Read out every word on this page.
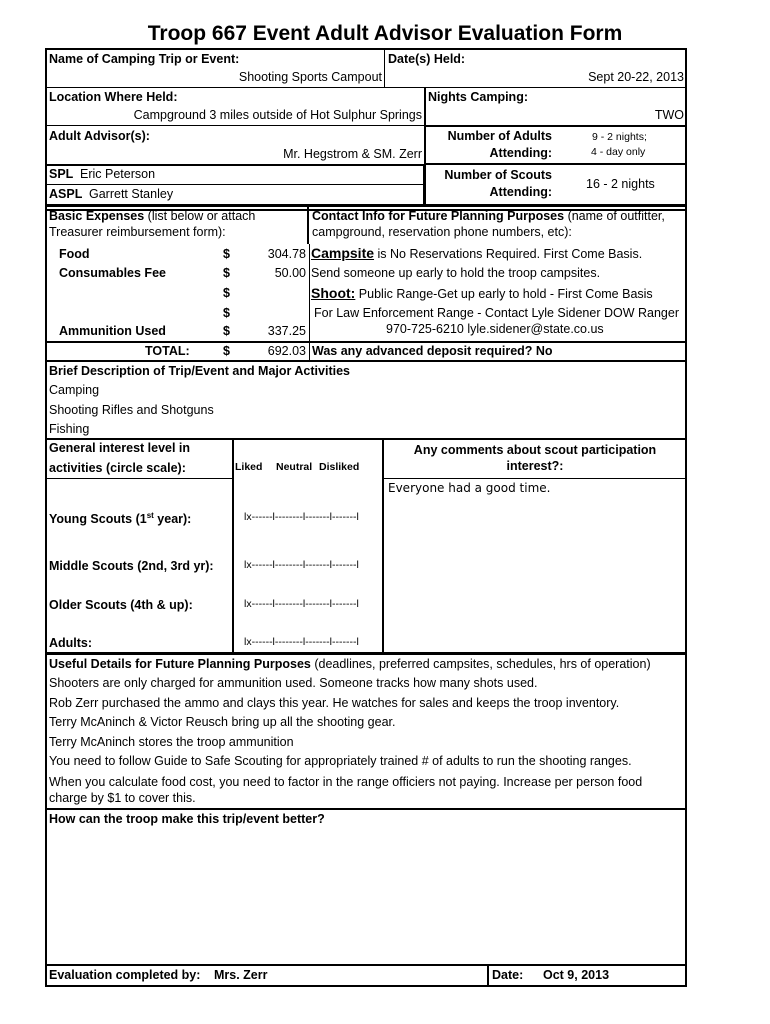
Troop 667 Event Adult Advisor Evaluation Form
Name of Camping Trip or Event:
Shooting Sports Campout
Date(s) Held:
Sept 20-22, 2013
Location Where Held:
Campground 3 miles outside of Hot Sulphur Springs
Nights Camping:
TWO
Adult Advisor(s):
Mr. Hegstrom & SM. Zerr
Number of Adults
Attending:
9 - 2 nights;
4 - day only
SPL Eric Peterson
ASPL Garrett Stanley
Number of Scouts
Attending:
16 - 2 nights
Basic Expenses (list below or attach
Treasurer reimbursement form):
Food	$	304.78
Consumables Fee	$	50.00
$
$
Ammunition Used	$	337.25
TOTAL:	$	692.03
Contact Info for Future Planning Purposes (name of outfitter,
campground, reservation phone numbers, etc):
Campsite is No Reservations Required. First Come Basis.
Send someone up early to hold the troop campsites.
Shoot: Public Range-Get up early to hold - First Come Basis
For Law Enforcement Range - Contact Lyle Sidener DOW Ranger
970-725-6210 lyle.sidener@state.co.us
Was any advanced deposit required? No
Brief Description of Trip/Event and Major Activities
Camping
Shooting Rifles and Shotguns
Fishing
General interest level in
activities (circle scale):	Liked Neutral Disliked
Any comments about scout participation
interest?:
Everyone had a good time.
Young Scouts (1st year):	lx------l--------l-------l-------l
Middle Scouts (2nd, 3rd yr):	lx------l--------l-------l-------l
Older Scouts (4th & up):	lx------l--------l-------l-------l
Adults:	lx------l--------l-------l-------l
Useful Details for Future Planning Purposes (deadlines, preferred campsites, schedules, hrs of operation)
Shooters are only charged for ammunition used. Someone tracks how many shots used.
Rob Zerr purchased the ammo and clays this year. He watches for sales and keeps the troop inventory.
Terry McAninch & Victor Reusch bring up all the shooting gear.
Terry McAninch stores the troop ammunition
You need to follow Guide to Safe Scouting for appropriately trained # of adults to run the shooting ranges.
When you calculate food cost, you need to factor in the range officiers not paying. Increase per person food
charge by $1 to cover this.
How can the troop make this trip/event better?
Evaluation completed by: Mrs. Zerr	Date: Oct 9, 2013
